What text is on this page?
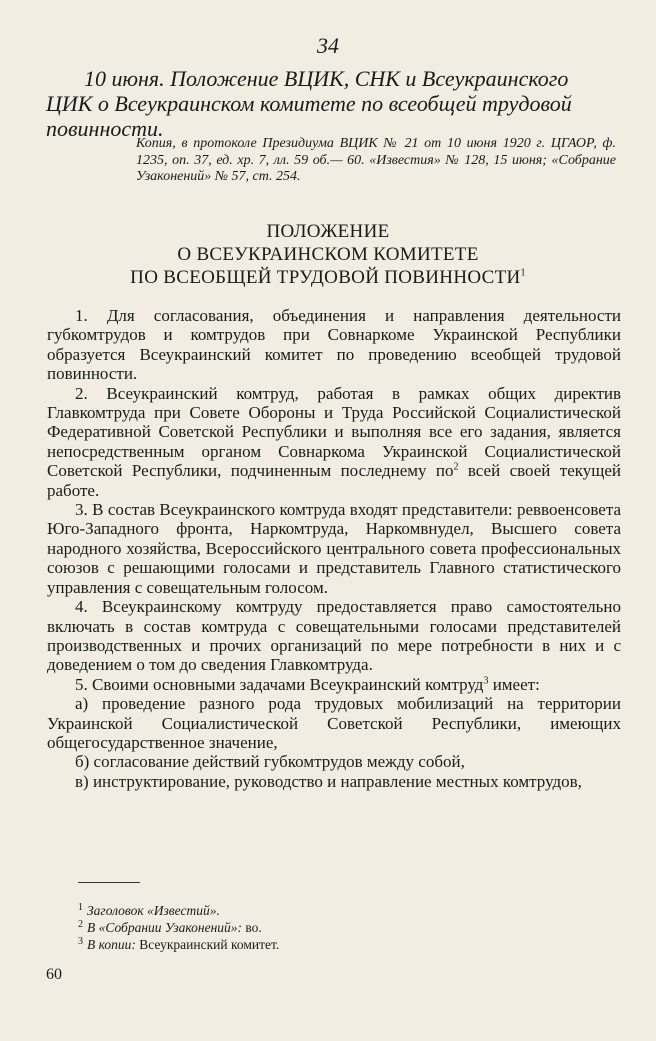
34
10 июня. Положение ВЦИК, СНК и Всеукраинского ЦИК о Всеукраинском комитете по всеобщей трудовой повинности.
Копия, в протоколе Президиума ВЦИК № 21 от 10 июня 1920 г. ЦГАОР, ф. 1235, оп. 37, ед. хр. 7, лл. 59 об.— 60. «Известия» № 128, 15 июня; «Собрание Узаконений» № 57, ст. 254.
ПОЛОЖЕНИЕ
О ВСЕУКРАИНСКОМ КОМИТЕТЕ
ПО ВСЕОБЩЕЙ ТРУДОВОЙ ПОВИННОСТИ$^1$

1. Для согласования, объединения и направления деятельности губкомтрудов и комтрудов при Совнаркоме Украинской Республики образуется Всеукраинский комитет по проведению всеобщей трудовой повинности.

2. Всеукраинский комтруд, работая в рамках общих директив Главкомтруда при Совете Обороны и Труда Российской Социалистической Федеративной Советской Республики и выполняя все его задания, является непосредственным органом Совнаркома Украинской Социалистической Советской Республики, подчиненным последнему $по^2$ всей своей текущей работе.

3. В состав Всеукраинского комтруда входят представители: реввоенсовета Юго-Западного фронта, Наркомтруда, Наркомвнудел, Высшего совета народного хозяйства, Всероссийского центрального совета профессиональных союзов с решающими голосами и представитель Главного статистического управления с совещательным голосом.

4. Всеукраинскому комтруду предоставляется право самостоятельно включать в состав комтруда с совещательными голосами представителей производственных и прочих организаций по мере потребности в них и с доведением о том до сведения Главкомтруда.

5. Своими основными задачами Всеукраинский комтруд$^3$ имеет:

а) проведение разного рода трудовых мобилизаций на территории Украинской Социалистической Советской Республики, имеющих общегосударственное значение,

б) согласование действий губкомтрудов между собой,

в) инструктирование, руководство и направление местных комтрудов,

$^1$ Заголовок «Известий».

$^2$ В «Собрании Узаконений»: во.

$^3$ В копии: Всеукраинский комитет.

60
